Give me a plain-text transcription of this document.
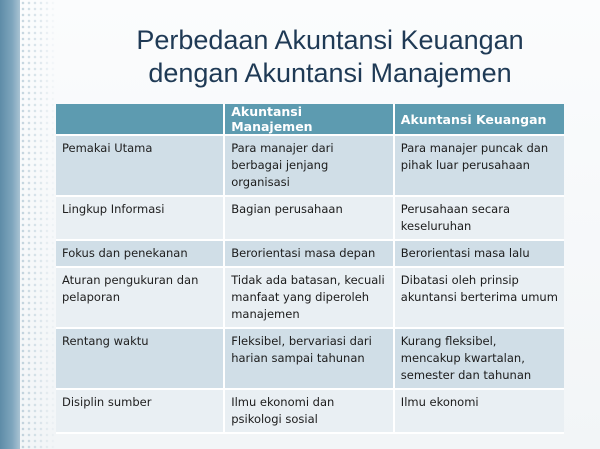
Perbedaan Akuntansi Keuangan
dengan Akuntansi Manajemen
	Akuntansi Manajemen	Akuntansi Keuangan
Pemakai Utama	Para manajer dari berbagai jenjang organisasi	Para manajer puncak dan pihak luar perusahaan
Lingkup Informasi	Bagian perusahaan	Perusahaan secara keseluruhan
Fokus dan penekanan	Berorientasi masa depan	Berorientasi masa lalu
Aturan pengukuran dan pelaporan	Tidak ada batasan, kecuali manfaat yang diperoleh manajemen	Dibatasi oleh prinsip akuntansi berterima umum
Rentang waktu	Fleksibel, bervariasi dari harian sampai tahunan	Kurang fleksibel, mencakup kwartalan, semester dan tahunan
Disiplin sumber	Ilmu ekonomi dan psikologi sosial	Ilmu ekonomi
